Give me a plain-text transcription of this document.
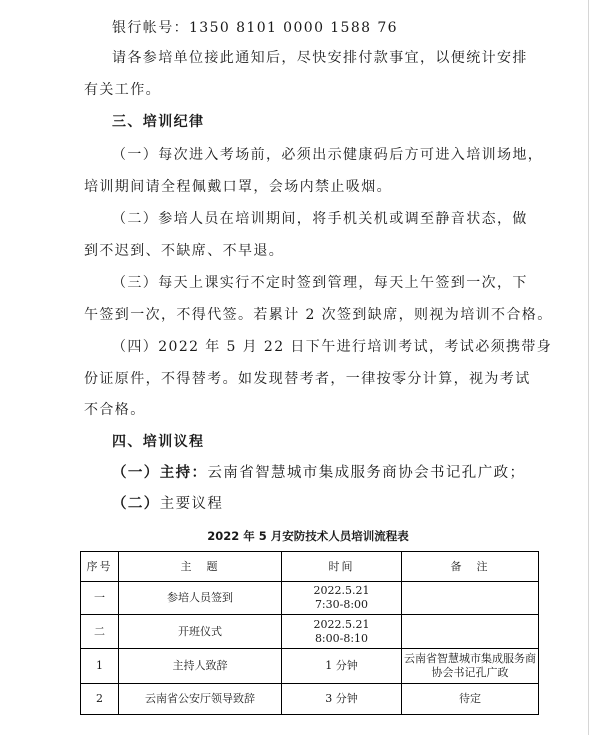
银行帐号：1350 8101 0000 1588 76
请各参培单位接此通知后，尽快安排付款事宜，以便统计安排
有关工作。
三、培训纪律
（一）每次进入考场前，必须出示健康码后方可进入培训场地，
培训期间请全程佩戴口罩，会场内禁止吸烟。
（二）参培人员在培训期间，将手机关机或调至静音状态，做
到不迟到、不缺席、不早退。
（三）每天上课实行不定时签到管理，每天上午签到一次，下
午签到一次，不得代签。若累计 2 次签到缺席，则视为培训不合格。
（四）2022 年 5 月 22 日下午进行培训考试，考试必须携带身
份证原件，不得替考。如发现替考者，一律按零分计算，视为考试
不合格。
四、培训议程
（一）主持：云南省智慧城市集成服务商协会书记孔广政；
（二）主要议程
2022 年 5 月安防技术人员培训流程表
序号	主　题	时间	备　注
一	参培人员签到	2022.5.21
7:30-8:00	

二	开班仪式	2022.5.21
8:00-8:10	

1	主持人致辞	1 分钟	云南省智慧城市集成服务商协会书记孔广政
2	云南省公安厅领导致辞	3 分钟	待定
